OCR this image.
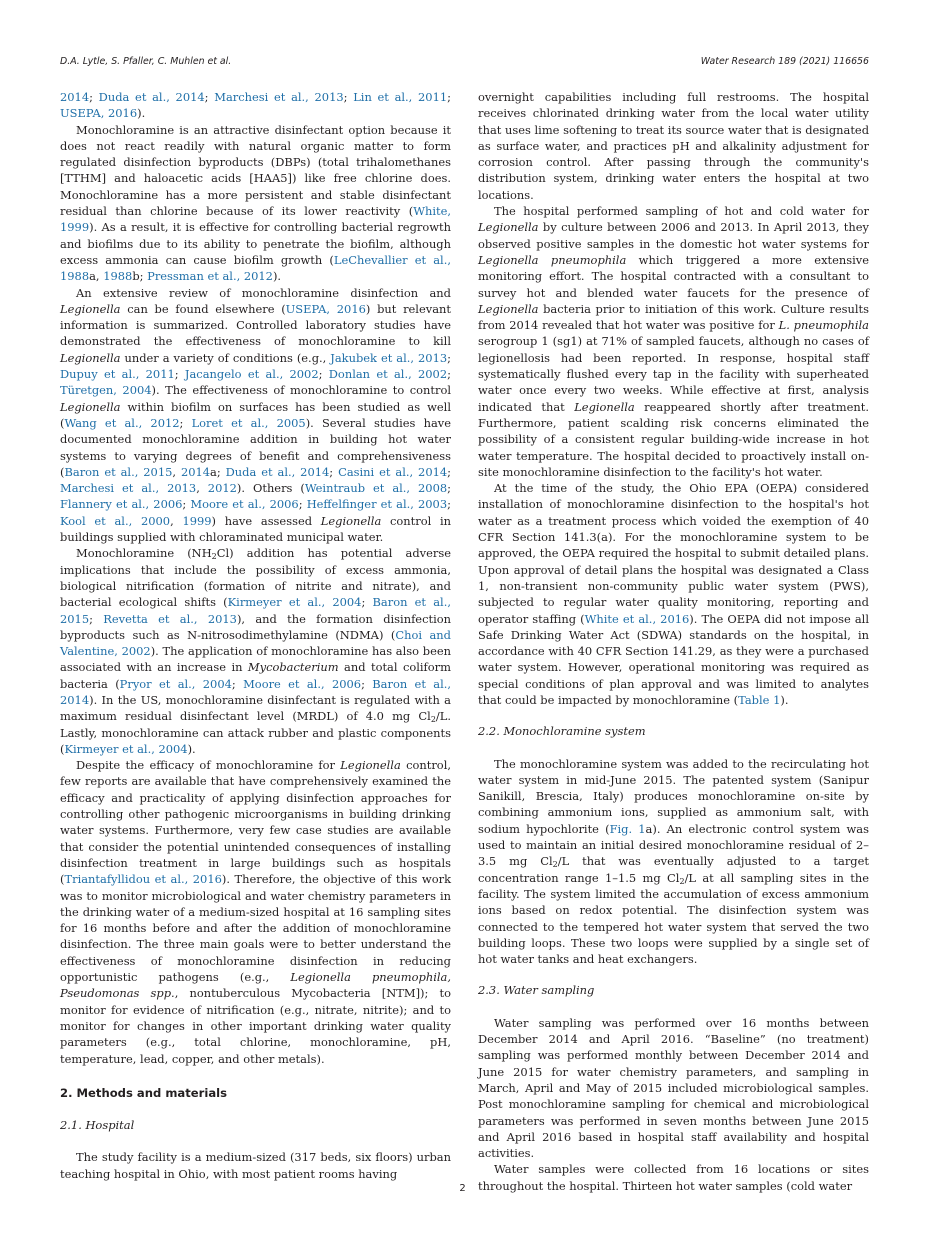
D.A. Lytle, S. Pfaller, C. Muhlen et al.	Water Research 189 (2021) 116656

2014; Duda et al., 2014; Marchesi et al., 2013; Lin et al., 2011; USEPA, 2016).

Monochloramine is an attractive disinfectant option because it does not react readily with natural organic matter to form regulated disinfection byproducts (DBPs) (total trihalomethanes [TTHM] and haloacetic acids [HAA5]) like free chlorine does. Monochloramine has a more persistent and stable disinfectant residual than chlorine because of its lower reactivity (White, 1999). As a result, it is effective for controlling bacterial regrowth and biofilms due to its ability to penetrate the biofilm, although excess ammonia can cause biofilm growth (LeChevallier et al., 1988a, 1988b; Pressman et al., 2012).

An extensive review of monochloramine disinfection and Legionella can be found elsewhere (USEPA, 2016) but relevant information is summarized. Controlled laboratory studies have demonstrated the effectiveness of monochloramine to kill Legionella under a variety of conditions (e.g., Jakubek et al., 2013; Dupuy et al., 2011; Jacangelo et al., 2002; Donlan et al., 2002; Türetgen, 2004). The effectiveness of monochloramine to control Legionella within biofilm on surfaces has been studied as well (Wang et al., 2012; Loret et al., 2005). Several studies have documented monochloramine addition in building hot water systems to varying degrees of benefit and comprehensiveness (Baron et al., 2015, 2014a; Duda et al., 2014; Casini et al., 2014; Marchesi et al., 2013, 2012). Others (Weintraub et al., 2008; Flannery et al., 2006; Moore et al., 2006; Heffelfinger et al., 2003; Kool et al., 2000, 1999) have assessed Legionella control in buildings supplied with chloraminated municipal water.

Monochloramine $(NH_2Cl)$ addition has potential adverse implications that include the possibility of excess ammonia, biological nitrification (formation of nitrite and nitrate), and bacterial ecological shifts (Kirmeyer et al., 2004; Baron et al., 2015; Revetta et al., 2013), and the formation disinfection byproducts such as N-nitrosodimethylamine (NDMA) (Choi and Valentine, 2002). The application of monochloramine has also been associated with an increase in Mycobacterium and total coliform bacteria (Pryor et al., 2004; Moore et al., 2006; Baron et al., 2014). In the US, monochloramine disinfectant is regulated with a maximum residual disinfectant level (MRDL) of 4.0 mg $Cl_2/L$. Lastly, monochloramine can attack rubber and plastic components (Kirmeyer et al., 2004).

Despite the efficacy of monochloramine for Legionella control, few reports are available that have comprehensively examined the efficacy and practicality of applying disinfection approaches for controlling other pathogenic microorganisms in building drinking water systems. Furthermore, very few case studies are available that consider the potential unintended consequences of installing disinfection treatment in large buildings such as hospitals (Triantafyllidou et al., 2016). Therefore, the objective of this work was to monitor microbiological and water chemistry parameters in the drinking water of a medium-sized hospital at 16 sampling sites for 16 months before and after the addition of monochloramine disinfection. The three main goals were to better understand the effectiveness of monochloramine disinfection in reducing opportunistic pathogens (e.g., Legionella pneumophila, Pseudomonas spp., nontuberculous Mycobacteria [NTM]); to monitor for evidence of nitrification (e.g., nitrate, nitrite); and to monitor for changes in other important drinking water quality parameters (e.g., total chlorine, monochloramine, pH, temperature, lead, copper, and other metals).

2. Methods and materials
2.1. Hospital

The study facility is a medium-sized (317 beds, six floors) urban teaching hospital in Ohio, with most patient rooms having

overnight capabilities including full restrooms. The hospital receives chlorinated drinking water from the local water utility that uses lime softening to treat its source water that is designated as surface water, and practices pH and alkalinity adjustment for corrosion control. After passing through the community's distribution system, drinking water enters the hospital at two locations.

The hospital performed sampling of hot and cold water for Legionella by culture between 2006 and 2013. In April 2013, they observed positive samples in the domestic hot water systems for Legionella pneumophila which triggered a more extensive monitoring effort. The hospital contracted with a consultant to survey hot and blended water faucets for the presence of Legionella bacteria prior to initiation of this work. Culture results from 2014 revealed that hot water was positive for L. pneumophila serogroup 1 (sg1) at 71% of sampled faucets, although no cases of legionellosis had been reported. In response, hospital staff systematically flushed every tap in the facility with superheated water once every two weeks. While effective at first, analysis indicated that Legionella reappeared shortly after treatment. Furthermore, patient scalding risk concerns eliminated the possibility of a consistent regular building-wide increase in hot water temperature. The hospital decided to proactively install on-site monochloramine disinfection to the facility's hot water.

At the time of the study, the Ohio EPA (OEPA) considered installation of monochloramine disinfection to the hospital's hot water as a treatment process which voided the exemption of 40 CFR Section 141.3(a). For the monochloramine system to be approved, the OEPA required the hospital to submit detailed plans. Upon approval of detail plans the hospital was designated a Class 1, non-transient non-community public water system (PWS), subjected to regular water quality monitoring, reporting and operator staffing (White et al., 2016). The OEPA did not impose all Safe Drinking Water Act (SDWA) standards on the hospital, in accordance with 40 CFR Section 141.29, as they were a purchased water system. However, operational monitoring was required as special conditions of plan approval and was limited to analytes that could be impacted by monochloramine (Table 1).

2.2. Monochloramine system

The monochloramine system was added to the recirculating hot water system in mid-June 2015. The patented system (Sanipur Sanikill, Brescia, Italy) produces monochloramine on-site by combining ammonium ions, supplied as ammonium salt, with sodium hypochlorite (Fig. 1a). An electronic control system was used to maintain an initial desired monochloramine residual of 2–3.5 mg $Cl_2/L$ that was eventually adjusted to a target concentration range 1–1.5 mg $Cl_2/L$ at all sampling sites in the facility. The system limited the accumulation of excess ammonium ions based on redox potential. The disinfection system was connected to the tempered hot water system that served the two building loops. These two loops were supplied by a single set of hot water tanks and heat exchangers.

2.3. Water sampling

Water sampling was performed over 16 months between December 2014 and April 2016. “Baseline” (no treatment) sampling was performed monthly between December 2014 and June 2015 for water chemistry parameters, and sampling in March, April and May of 2015 included microbiological samples. Post monochloramine sampling for chemical and microbiological parameters was performed in seven months between June 2015 and April 2016 based in hospital staff availability and hospital activities.

Water samples were collected from 16 locations or sites throughout the hospital. Thirteen hot water samples (cold water

2
